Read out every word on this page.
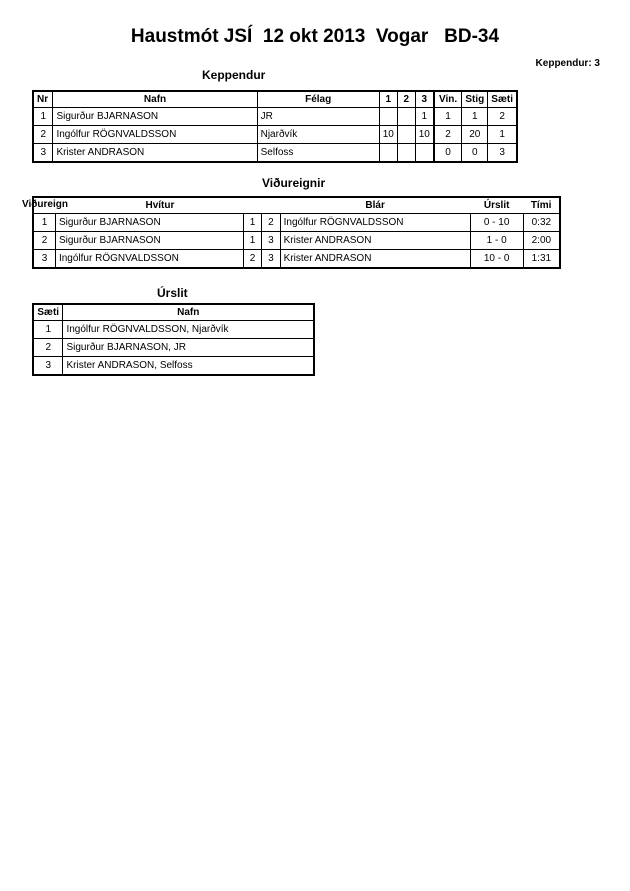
Haustmót JSÍ  12 okt 2013  Vogar   BD-34
Keppendur: 3
Keppendur
Nr	Nafn	Félag	1	2	3	Vin.	Stig	Sæti
1	Sigurður BJARNASON	JR			1	1	1	2
2	Ingólfur RÖGNVALDSSON	Njarðvík	10		10	2	20	1
3	Krister ANDRASON	Selfoss				0	0	3
Viðureignir
Viðureign
		Hvítur			Blár	Úrslit	Tími
1	Sigurður BJARNASON	1	2	Ingólfur RÖGNVALDSSON	0 - 10	0:32
2	Sigurður BJARNASON	1	3	Krister ANDRASON	1 - 0	2:00
3	Ingólfur RÖGNVALDSSON	2	3	Krister ANDRASON	10 - 0	1:31
Úrslit
Sæti	Nafn
1	Ingólfur RÖGNVALDSSON, Njarðvík
2	Sigurður BJARNASON, JR
3	Krister ANDRASON, Selfoss
